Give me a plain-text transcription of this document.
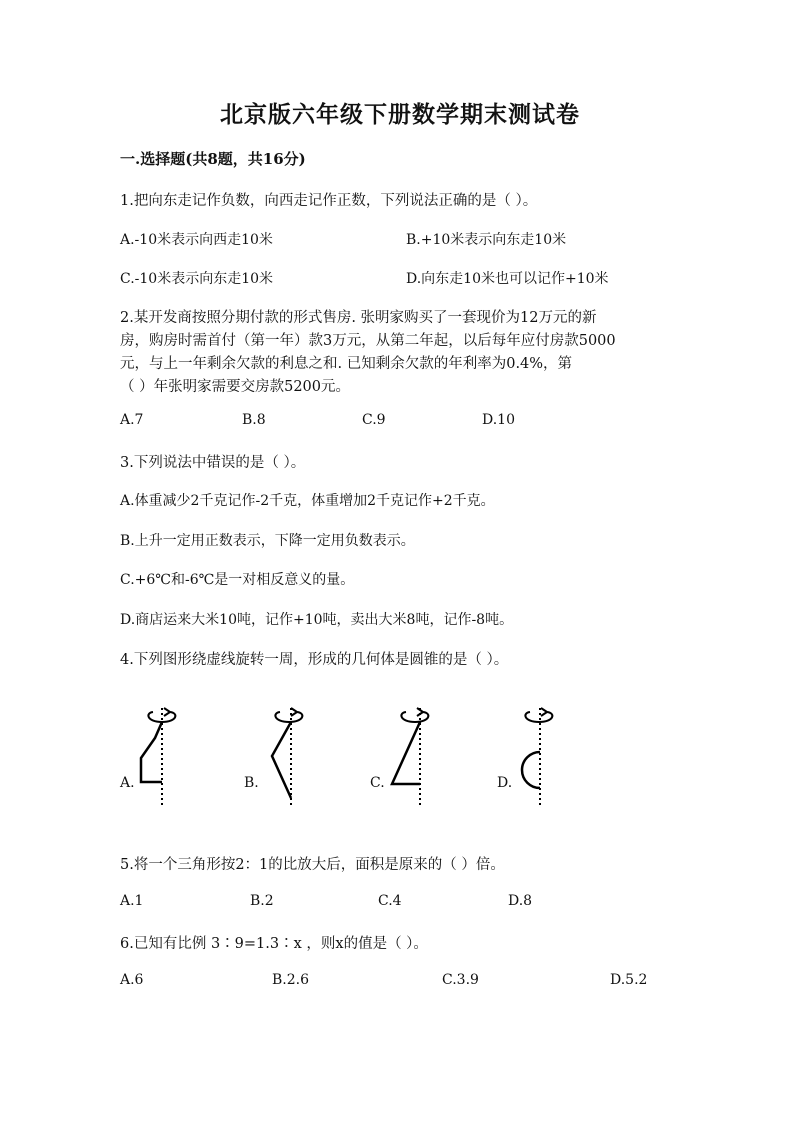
北京版六年级下册数学期末测试卷
一.选择题(共8题，共16分)
1.把向东走记作负数，向西走记作正数，下列说法正确的是（ ）。
A.-10米表示向西走10米	B.+10米表示向东走10米
C.-10米表示向东走10米	D.向东走10米也可以记作+10米
2.某开发商按照分期付款的形式售房. 张明家购买了一套现价为12万元的新
房，购房时需首付（第一年）款3万元，从第二年起，以后每年应付房款5000
元，与上一年剩余欠款的利息之和. 已知剩余欠款的年利率为0.4%，第
（ ）年张明家需要交房款5200元。
A.7	B.8	C.9	D.10
3.下列说法中错误的是（ ）。
A.体重减少2千克记作-2千克，体重增加2千克记作+2千克。
B.上升一定用正数表示，下降一定用负数表示。
C.+6℃和-6℃是一对相反意义的量。
D.商店运来大米10吨，记作+10吨，卖出大米8吨，记作-8吨。
4.下列图形绕虚线旋转一周，形成的几何体是圆锥的是（ ）。
A.	B.	C.	D.
5.将一个三角形按2：1的比放大后，面积是原来的（ ）倍。
A.1	B.2	C.4	D.8
6.已知有比例 3∶9=1.3∶x ，则x的值是（ ）。
A.6	B.2.6	C.3.9	D.5.2
